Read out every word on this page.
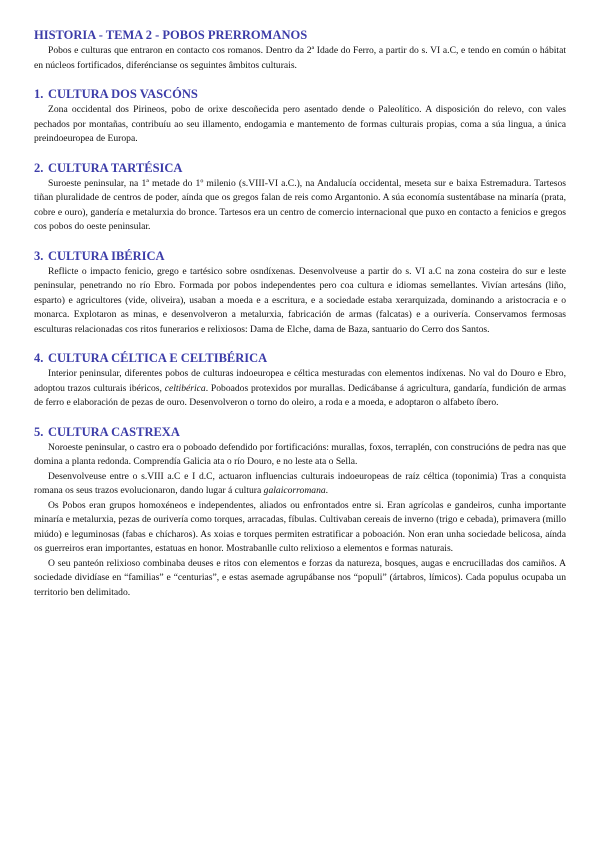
HISTORIA - TEMA 2 - POBOS PRERROMANOS

Pobos e culturas que entraron en contacto cos romanos. Dentro da 2ª Idade do Ferro, a partir do s. VI a.C, e tendo en común o hábitat en núcleos fortificados, diferéncianse os seguintes âmbitos culturais.

1. CULTURA DOS VASCÓNS

Zona occidental dos Pirineos, pobo de orixe descoñecida pero asentado dende o Paleolítico. A disposición do relevo, con vales pechados por montañas, contribuíu ao seu illamento, endogamia e mantemento de formas culturais propias, coma a súa lingua, a única preindoeuropea de Europa.

2. CULTURA TARTÉSICA

Suroeste peninsular, na 1ª metade do 1º milenio (s.VIII-VI a.C.), na Andalucía occidental, meseta sur e baixa Estremadura. Tartesos tiñan pluralidade de centros de poder, aínda que os gregos falan de reis como Argantonio. A súa economía sustentábase na minaría (prata, cobre e ouro), gandería e metalurxia do bronce. Tartesos era un centro de comercio internacional que puxo en contacto a fenicios e gregos cos pobos do oeste peninsular.

3. CULTURA IBÉRICA

Reflicte o impacto fenicio, grego e tartésico sobre osndíxenas. Desenvolveuse a partir do s. VI a.C na zona costeira do sur e leste peninsular, penetrando no río Ebro. Formada por pobos independentes pero coa cultura e idiomas semellantes. Vivían artesáns (liño, esparto) e agricultores (vide, oliveira), usaban a moeda e a escritura, e a sociedade estaba xerarquizada, dominando a aristocracia e o monarca. Explotaron as minas, e desenvolveron a metalurxia, fabricación de armas (falcatas) e a ourivería. Conservamos fermosas esculturas relacionadas cos ritos funerarios e relixiosos: Dama de Elche, dama de Baza, santuario do Cerro dos Santos.

4. CULTURA CÉLTICA E CELTIBÉRICA

Interior peninsular, diferentes pobos de culturas indoeuropea e céltica mesturadas con elementos indíxenas. No val do Douro e Ebro, adoptou trazos culturais ibéricos, celtibérica. Poboados protexidos por murallas. Dedicábanse á agricultura, gandaría, fundición de armas de ferro e elaboración de pezas de ouro. Desenvolveron o torno do oleiro, a roda e a moeda, e adoptaron o alfabeto íbero.

5. CULTURA CASTREXA

Noroeste peninsular, o castro era o poboado defendido por fortificacións: murallas, foxos, terraplén, con construcións de pedra nas que domina a planta redonda. Comprendía Galicia ata o río Douro, e no leste ata o Sella.

Desenvolveuse entre o s.VIII a.C e I d.C, actuaron influencias culturais indoeuropeas de raíz céltica (toponimia) Tras a conquista romana os seus trazos evolucionaron, dando lugar á cultura galaicorromana.

Os Pobos eran grupos homoxéneos e independentes, aliados ou enfrontados entre si. Eran agrícolas e gandeiros, cunha importante minaría e metalurxia, pezas de ourivería como torques, arracadas, fíbulas. Cultivaban cereais de inverno (trigo e cebada), primavera (millo miúdo) e leguminosas (fabas e chícharos). As xoias e torques permiten estratificar a poboación. Non eran unha sociedade belicosa, aínda os guerreiros eran importantes, estatuas en honor. Mostrabanlle culto relixioso a elementos e formas naturais.

O seu panteón relixioso combinaba deuses e ritos con elementos e forzas da natureza, bosques, augas e encrucilladas dos camiños. A sociedade dividíase en “familias” e “centurias”, e estas asemade agrupábanse nos “populi” (ártabros, límicos). Cada populus ocupaba un territorio ben delimitado.
